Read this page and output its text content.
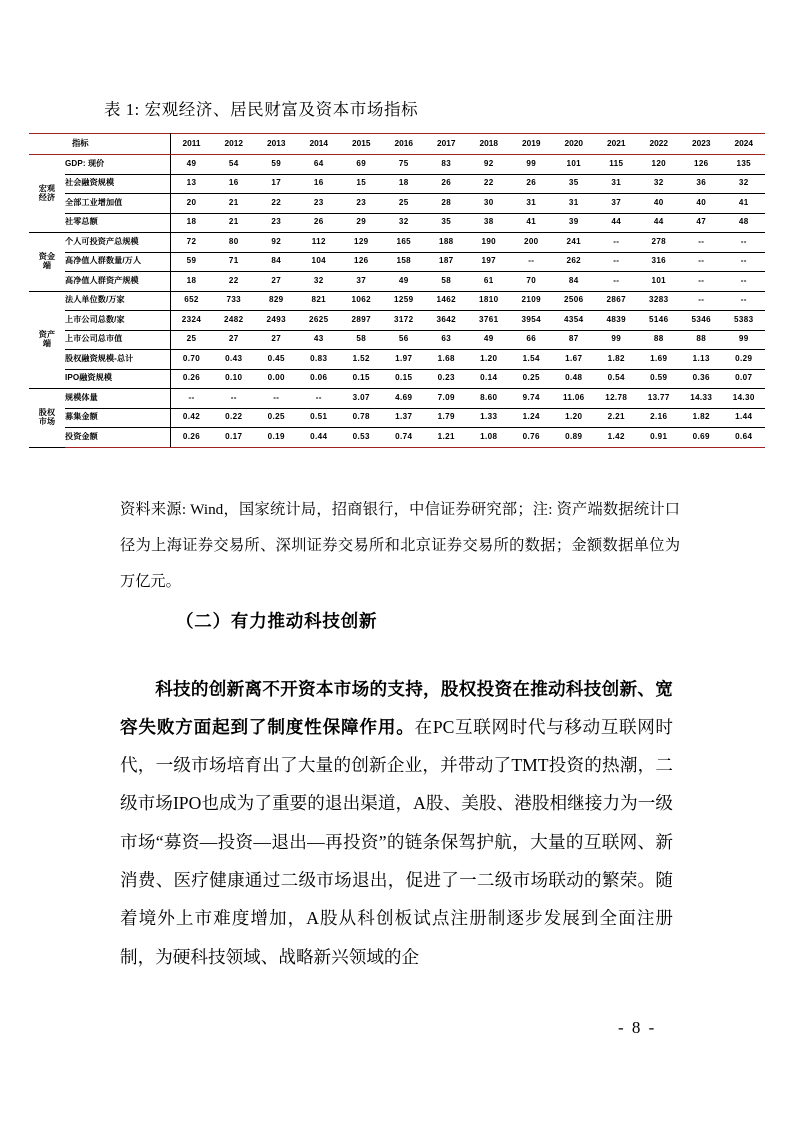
表 1: 宏观经济、居民财富及资本市场指标
	指标	2011	2012	2013	2014	2015	2016	2017	2018	2019	2020	2021	2022	2023	2024

宏观
经济	GDP: 现价	49	54	59	64	69	75	83	92	99	101	115	120	126	135
	社会融资规模	13	16	17	16	15	18	26	22	26	35	31	32	36	32
	全部工业增加值	20	21	22	23	23	25	28	30	31	31	37	40	40	41
	社零总额	18	21	23	26	29	32	35	38	41	39	44	44	47	48

资金
端	个人可投资产总规模	72	80	92	112	129	165	188	190	200	241	--	278	--	--
	高净值人群数量/万人	59	71	84	104	126	158	187	197	--	262	--	316	--	--
	高净值人群资产规模	18	22	27	32	37	49	58	61	70	84	--	101	--	--

资产
端	法人单位数/万家	652	733	829	821	1062	1259	1462	1810	2109	2506	2867	3283	--	--
	上市公司总数/家	2324	2482	2493	2625	2897	3172	3642	3761	3954	4354	4839	5146	5346	5383
	上市公司总市值	25	27	27	43	58	56	63	49	66	87	99	88	88	99
	股权融资规模-总计	0.70	0.43	0.45	0.83	1.52	1.97	1.68	1.20	1.54	1.67	1.82	1.69	1.13	0.29
	IPO融资规模	0.26	0.10	0.00	0.06	0.15	0.15	0.23	0.14	0.25	0.48	0.54	0.59	0.36	0.07

股权
市场	规模体量	--	--	--	--	3.07	4.69	7.09	8.60	9.74	11.06	12.78	13.77	14.33	14.30
	募集金额	0.42	0.22	0.25	0.51	0.78	1.37	1.79	1.33	1.24	1.20	2.21	2.16	1.82	1.44
	投资金额	0.26	0.17	0.19	0.44	0.53	0.74	1.21	1.08	0.76	0.89	1.42	0.91	0.69	0.64
资料来源: Wind，国家统计局，招商银行，中信证券研究部；注: 资产端数据统计口径为上海证券交易所、深圳证券交易所和北京证券交易所的数据；金额数据单位为万亿元。
（二）有力推动科技创新

科技的创新离不开资本市场的支持，股权投资在推动科技创新、宽容失败方面起到了制度性保障作用。在PC互联网时代与移动互联网时代，一级市场培育出了大量的创新企业，并带动了TMT投资的热潮，二级市场IPO也成为了重要的退出渠道，A股、美股、港股相继接力为一级市场“募资—投资—退出—再投资”的链条保驾护航，大量的互联网、新消费、医疗健康通过二级市场退出，促进了一二级市场联动的繁荣。随着境外上市难度增加，A股从科创板试点注册制逐步发展到全面注册制，为硬科技领域、战略新兴领域的企

- 8 -
